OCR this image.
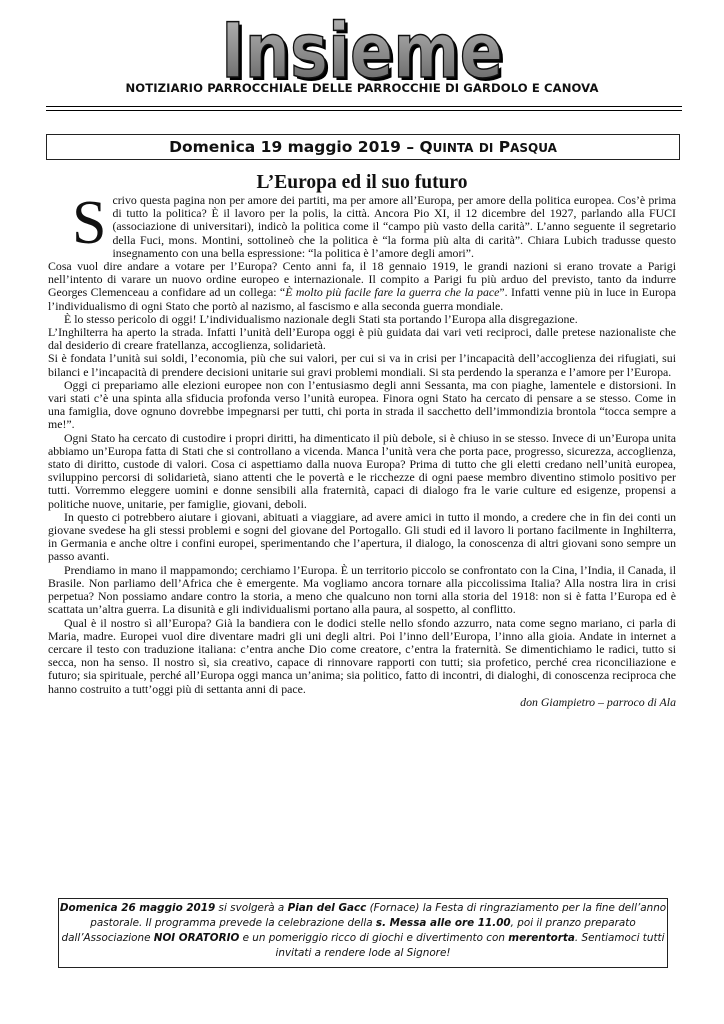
Insieme
Insieme
NOTIZIARIO PARROCCHIALE DELLE PARROCCHIE DI GARDOLO E CANOVA
Domenica 19 maggio 2019 – QUINTA DI PASQUA
L’Europa ed il suo futuro

Scrivo questa pagina non per amore dei partiti, ma per amore all’Europa, per amore della politica europea. Cos’è prima di tutto la politica? È il lavoro per la polis, la città. Ancora Pio XI, il 12 dicembre del 1927, parlando alla FUCI (associazione di universitari), indicò la politica come il “campo più vasto della carità”. L’anno seguente il segretario della Fuci, mons. Montini, sottolineò che la politica è “la forma più alta di carità”. Chiara Lubich tradusse questo insegnamento con una bella espressione: “la politica è l’amore degli amori”.

Cosa vuol dire andare a votare per l’Europa? Cento anni fa, il 18 gennaio 1919, le grandi nazioni si erano trovate a Parigi nell’intento di varare un nuovo ordine europeo e internazionale. Il compito a Parigi fu più arduo del previsto, tanto da indurre Georges Clemenceau a confidare ad un collega: “È molto più facile fare la guerra che la pace”. Infatti venne più in luce in Europa l’individualismo di ogni Stato che portò al nazismo, al fascismo e alla seconda guerra mondiale.

È lo stesso pericolo di oggi! L’individualismo nazionale degli Stati sta portando l’Europa alla disgregazione.

L’Inghilterra ha aperto la strada. Infatti l’unità dell’Europa oggi è più guidata dai vari veti reciproci, dalle pretese nazionaliste che dal desiderio di creare fratellanza, accoglienza, solidarietà.

Si è fondata l’unità sui soldi, l’economia, più che sui valori, per cui si va in crisi per l’incapacità dell’accoglienza dei rifugiati, sui bilanci e l’incapacità di prendere decisioni unitarie sui gravi problemi mondiali. Si sta perdendo la speranza e l’amore per l’Europa.

Oggi ci prepariamo alle elezioni europee non con l’entusiasmo degli anni Sessanta, ma con piaghe, lamentele e distorsioni. In vari stati c’è una spinta alla sfiducia profonda verso l’unità europea. Finora ogni Stato ha cercato di pensare a se stesso. Come in una famiglia, dove ognuno dovrebbe impegnarsi per tutti, chi porta in strada il sacchetto dell’immondizia brontola “tocca sempre a me!”.

Ogni Stato ha cercato di custodire i propri diritti, ha dimenticato il più debole, si è chiuso in se stesso. Invece di un’Europa unita abbiamo un’Europa fatta di Stati che si controllano a vicenda. Manca l’unità vera che porta pace, progresso, sicurezza, accoglienza, stato di diritto, custode di valori. Cosa ci aspettiamo dalla nuova Europa? Prima di tutto che gli eletti credano nell’unità europea, sviluppino percorsi di solidarietà, siano attenti che le povertà e le ricchezze di ogni paese membro diventino stimolo positivo per tutti. Vorremmo eleggere uomini e donne sensibili alla fraternità, capaci di dialogo fra le varie culture ed esigenze, propensi a politiche nuove, unitarie, per famiglie, giovani, deboli.

In questo ci potrebbero aiutare i giovani, abituati a viaggiare, ad avere amici in tutto il mondo, a credere che in fin dei conti un giovane svedese ha gli stessi problemi e sogni del giovane del Portogallo. Gli studi ed il lavoro li portano facilmente in Inghilterra, in Germania e anche oltre i confini europei, sperimentando che l’apertura, il dialogo, la conoscenza di altri giovani sono sempre un passo avanti.

Prendiamo in mano il mappamondo; cerchiamo l’Europa. È un territorio piccolo se confrontato con la Cina, l’India, il Canada, il Brasile. Non parliamo dell’Africa che è emergente. Ma vogliamo ancora tornare alla piccolissima Italia? Alla nostra lira in crisi perpetua? Non possiamo andare contro la storia, a meno che qualcuno non torni alla storia del 1918: non si è fatta l’Europa ed è scattata un’altra guerra. La disunità e gli individualismi portano alla paura, al sospetto, al conflitto.

Qual è il nostro sì all’Europa? Già la bandiera con le dodici stelle nello sfondo azzurro, nata come segno mariano, ci parla di Maria, madre. Europei vuol dire diventare madri gli uni degli altri. Poi l’inno dell’Europa, l’inno alla gioia. Andate in internet a cercare il testo con traduzione italiana: c’entra anche Dio come creatore, c’entra la fraternità. Se dimentichiamo le radici, tutto si secca, non ha senso. Il nostro sì, sia creativo, capace di rinnovare rapporti con tutti; sia profetico, perché crea riconciliazione e futuro; sia spirituale, perché all’Europa oggi manca un’anima; sia politico, fatto di incontri, di dialoghi, di conoscenza reciproca che hanno costruito a tutt’oggi più di settanta anni di pace.

don Giampietro – parroco di Ala

Domenica 26 maggio 2019 si svolgerà a Pian del Gacc (Fornace) la Festa di ringraziamento per la fine dell’anno pastorale. Il programma prevede la celebrazione della s. Messa alle ore 11.00, poi il pranzo preparato dall’Associazione NOI ORATORIO e un pomeriggio ricco di giochi e divertimento con merentorta. Sentiamoci tutti invitati a rendere lode al Signore!
